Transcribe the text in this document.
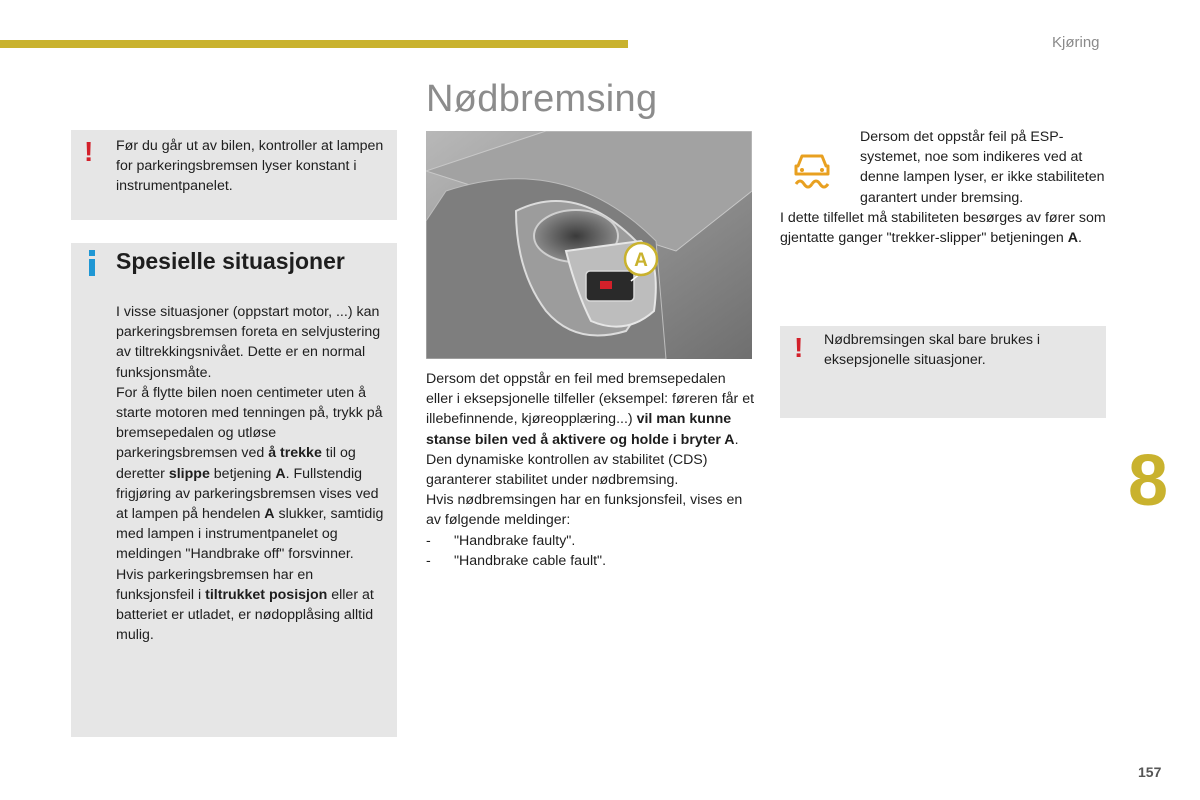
Kjøring
Nødbremsing
! Før du går ut av bilen, kontroller at lampen for parkeringsbremsen lyser konstant i instrumentpanelet.
Spesielle situasjoner

I visse situasjoner (oppstart motor, ...) kan parkeringsbremsen foreta en selvjustering av tiltrekkingsnivået. Dette er en normal funksjonsmåte.

For å flytte bilen noen centimeter uten å starte motoren med tenningen på, trykk på bremsepedalen og utløse parkeringsbremsen ved å trekke til og deretter slippe betjening A. Fullstendig frigjøring av parkeringsbremsen vises ved at lampen på hendelen A slukker, samtidig med lampen i instrumentpanelet og meldingen "Handbrake off" forsvinner.

Hvis parkeringsbremsen har en funksjonsfeil i tiltrukket posisjon eller at batteriet er utladet, er nødopplåsing alltid mulig.

A

Dersom det oppstår en feil med bremsepedalen eller i eksepsjonelle tilfeller (eksempel: føreren får et illebefinnende, kjøreopplæring...) vil man kunne stanse bilen ved å aktivere og holde i bryter A.

Den dynamiske kontrollen av stabilitet (CDS) garanterer stabilitet under nødbremsing.

Hvis nødbremsingen har en funksjonsfeil, vises en av følgende meldinger:

- "Handbrake faulty".

- "Handbrake cable fault".

Dersom det oppstår feil på ESP-systemet, noe som indikeres ved at denne lampen lyser, er ikke stabiliteten garantert under bremsing.

I dette tilfellet må stabiliteten besørges av fører som gjentatte ganger "trekker-slipper" betjeningen A.

! Nødbremsingen skal bare brukes i eksepsjonelle situasjoner.
8
157
